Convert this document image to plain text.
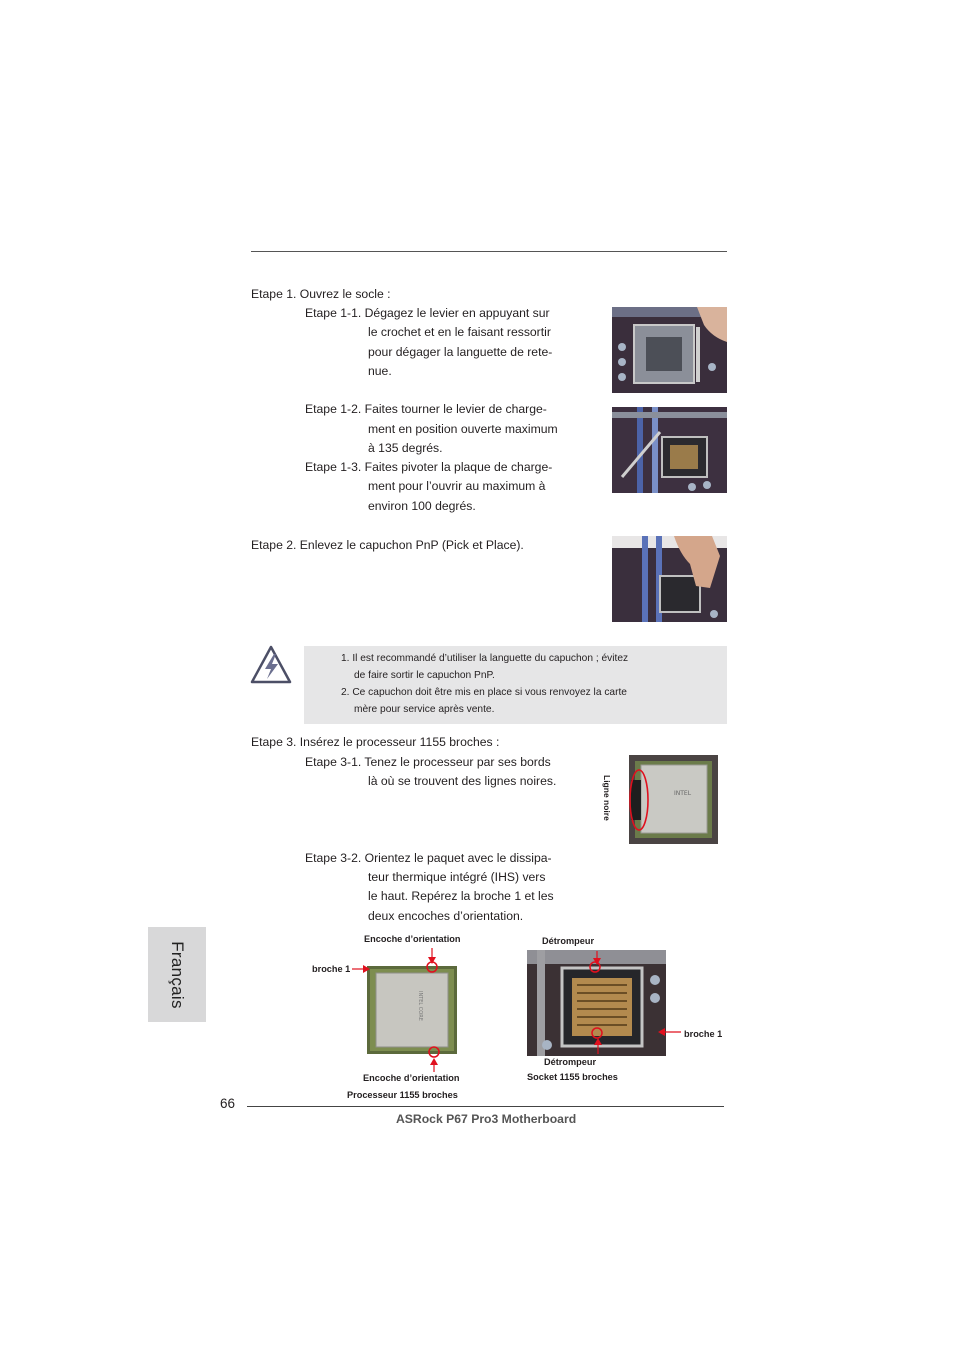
Etape 1. Ouvrez le socle :
Etape 1-1. Dégagez le levier en appuyant sur
le crochet et en le faisant ressortir
pour dégager la languette de rete-
nue.
Etape 1-2. Faites tourner le levier de charge-
ment en position ouverte maximum
à 135 degrés.
Etape 1-3. Faites pivoter la plaque de charge-
ment pour l’ouvrir au maximum à
environ 100 degrés.
Etape 2. Enlevez le capuchon PnP (Pick et Place).
1. Il est recommandé d’utiliser la languette du capuchon ; évitez
de faire sortir le capuchon PnP.
2. Ce capuchon doit être mis en place si vous renvoyez la carte
mère pour service après vente.
Etape 3. Insérez le processeur 1155 broches :
Etape 3-1. Tenez le processeur par ses bords
là où se trouvent des lignes noires.
INTEL
Ligne noire
Etape 3-2. Orientez le paquet avec le dissipa-
teur thermique intégré (IHS) vers
le haut. Repérez la broche 1 et les
deux encoches d’orientation.
Encoche d’orientation
broche 1
INTEL CORE
Encoche d’orientation
Processeur 1155 broches
Détrompeur
broche 1
Détrompeur
Socket 1155 broches
Français
66
ASRock P67 Pro3 Motherboard
